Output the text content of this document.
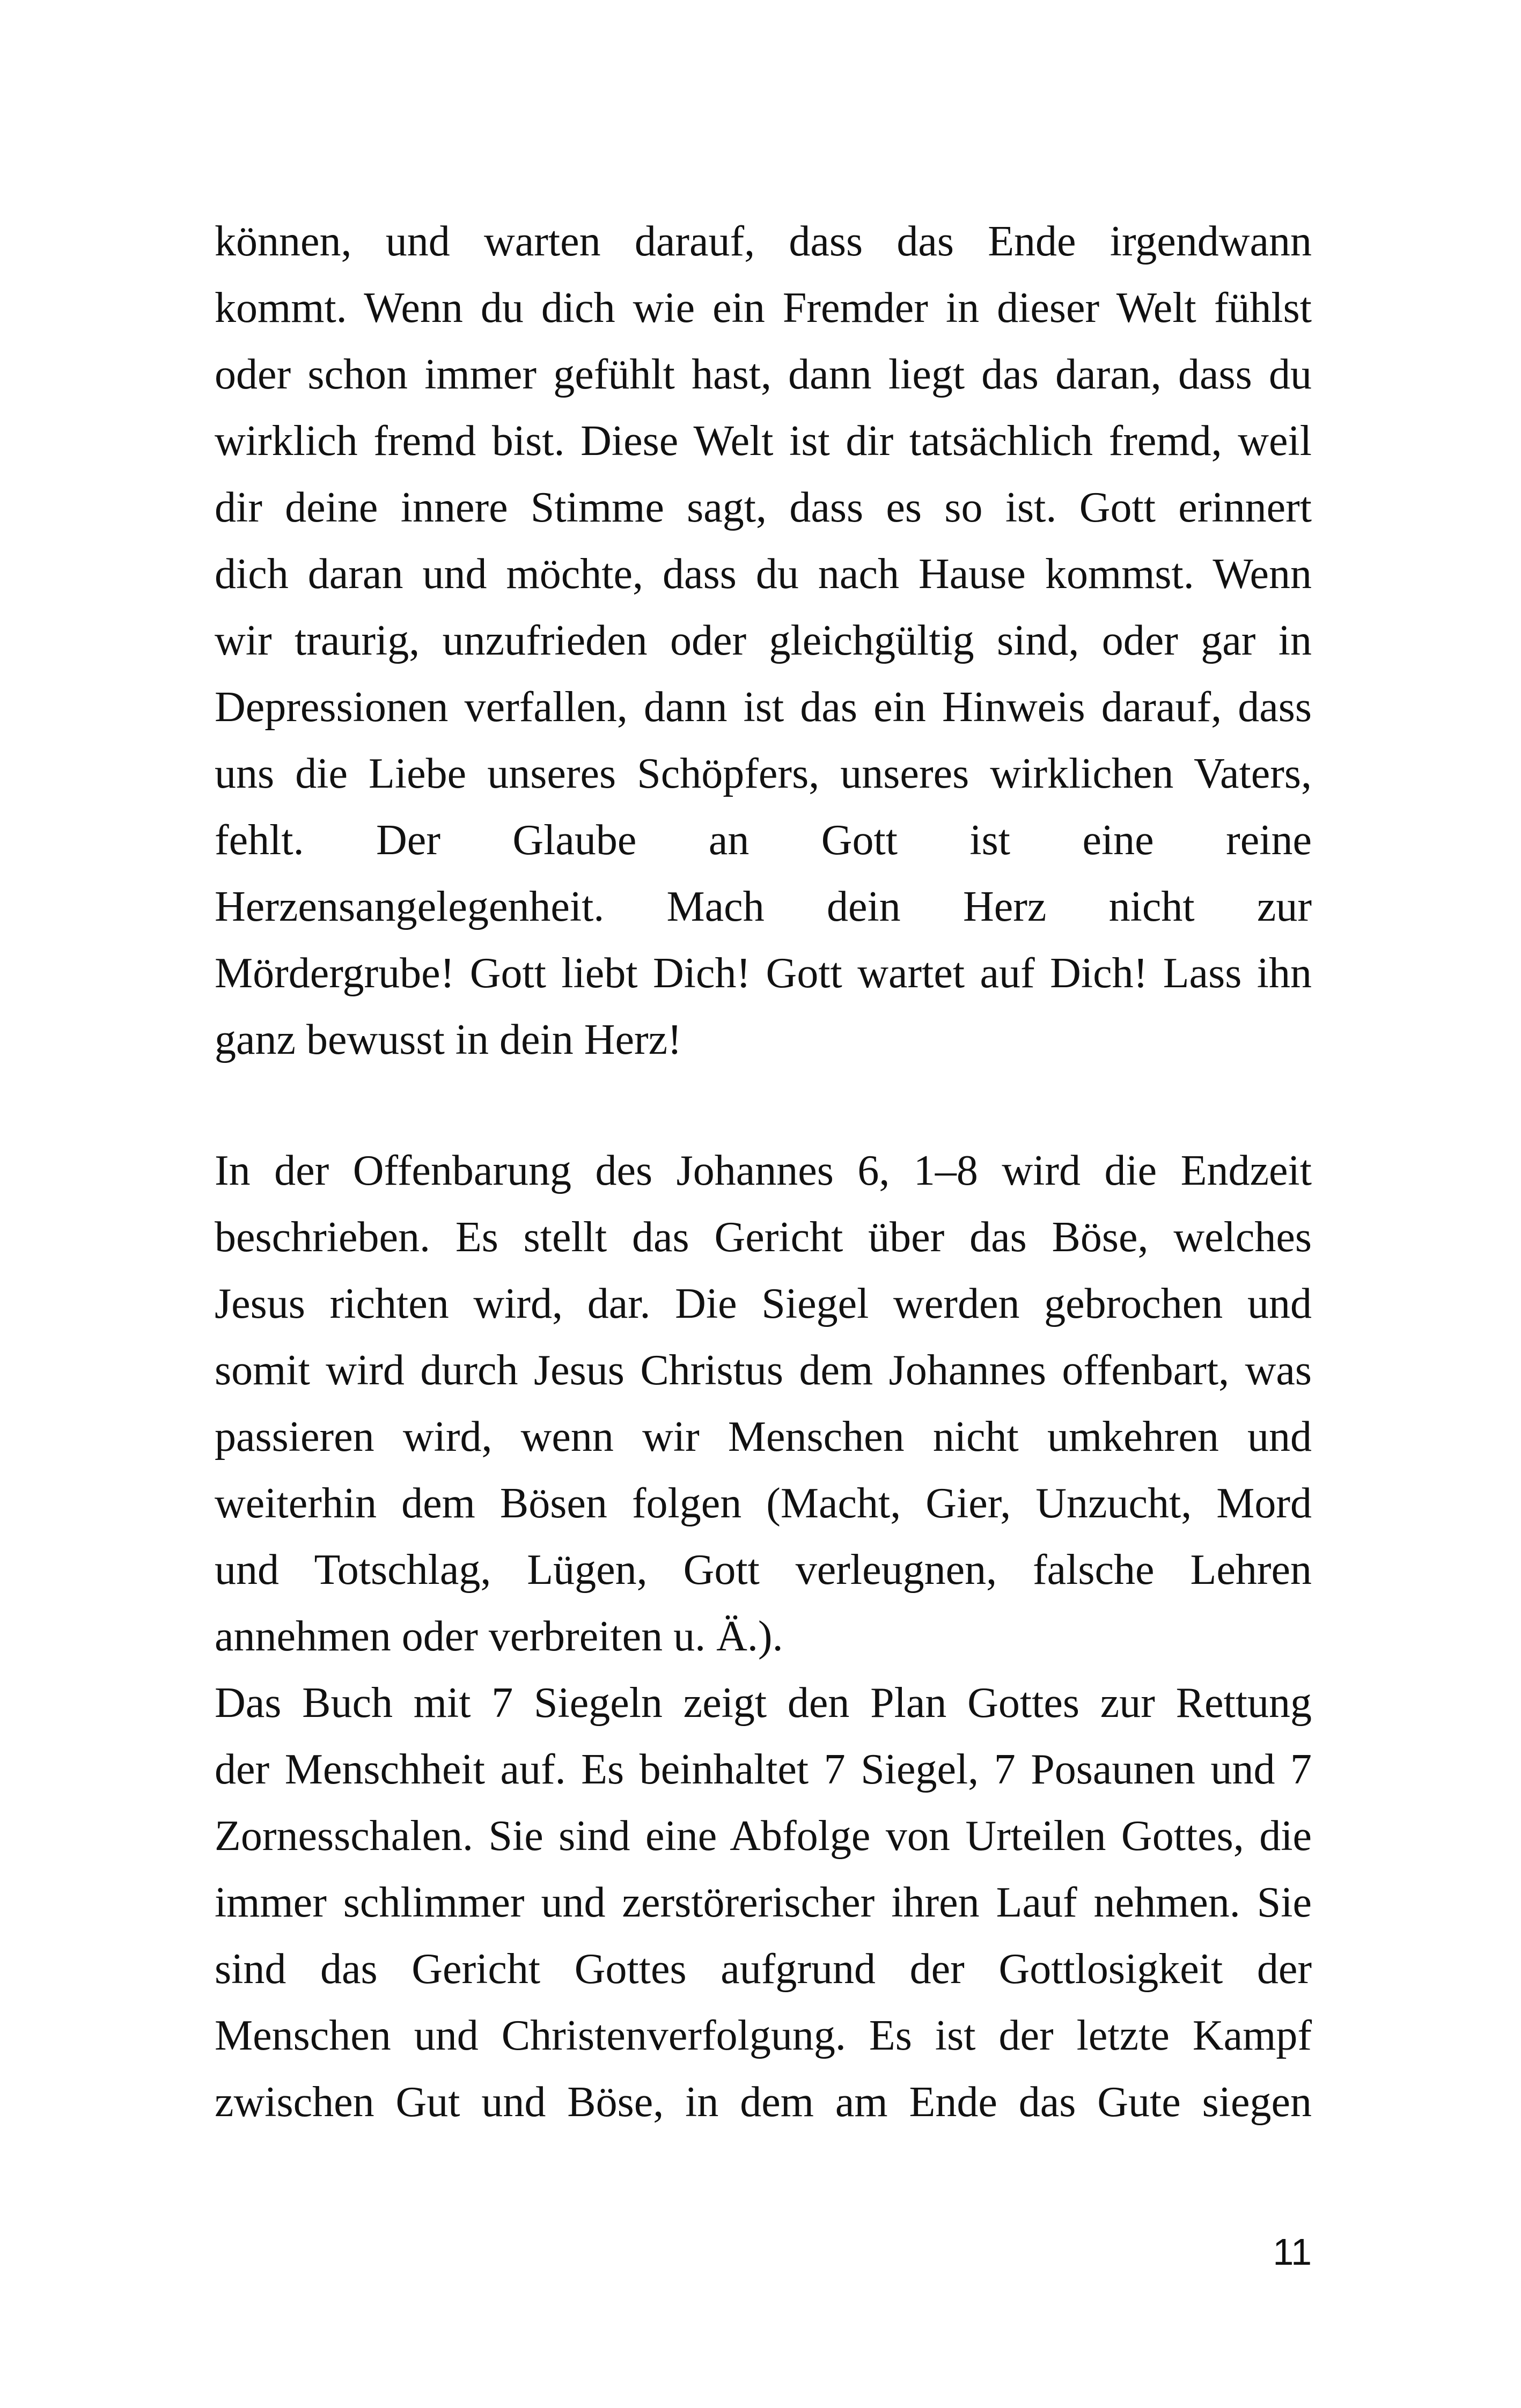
können, und warten darauf, dass das Ende irgendwann
kommt. Wenn du dich wie ein Fremder in dieser Welt fühlst
oder schon immer gefühlt hast, dann liegt das daran, dass du
wirklich fremd bist. Diese Welt ist dir tatsächlich fremd, weil
dir deine innere Stimme sagt, dass es so ist. Gott erinnert
dich daran und möchte, dass du nach Hause kommst. Wenn
wir traurig, unzufrieden oder gleichgültig sind, oder gar in
Depressionen verfallen, dann ist das ein Hinweis darauf, dass
uns die Liebe unseres Schöpfers, unseres wirklichen Vaters,
fehlt. Der Glaube an Gott ist eine reine
Herzensangelegenheit. Mach dein Herz nicht zur
Mördergrube! Gott liebt Dich! Gott wartet auf Dich! Lass ihn
ganz bewusst in dein Herz!
In der Offenbarung des Johannes 6, 1–8 wird die Endzeit
beschrieben. Es stellt das Gericht über das Böse, welches
Jesus richten wird, dar. Die Siegel werden gebrochen und
somit wird durch Jesus Christus dem Johannes offenbart, was
passieren wird, wenn wir Menschen nicht umkehren und
weiterhin dem Bösen folgen (Macht, Gier, Unzucht, Mord
und Totschlag, Lügen, Gott verleugnen, falsche Lehren
annehmen oder verbreiten u. Ä.).
Das Buch mit 7 Siegeln zeigt den Plan Gottes zur Rettung
der Menschheit auf. Es beinhaltet 7 Siegel, 7 Posaunen und 7
Zornesschalen. Sie sind eine Abfolge von Urteilen Gottes, die
immer schlimmer und zerstörerischer ihren Lauf nehmen. Sie
sind das Gericht Gottes aufgrund der Gottlosigkeit der
Menschen und Christenverfolgung. Es ist der letzte Kampf
zwischen Gut und Böse, in dem am Ende das Gute siegen
11
